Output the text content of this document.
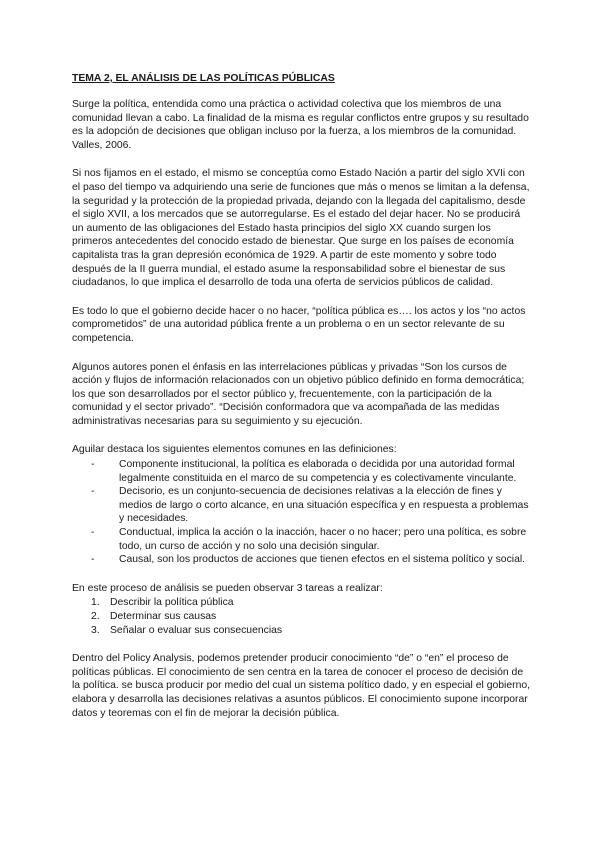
TEMA 2, EL ANÁLISIS DE LAS POLÍTICAS PÚBLICAS

Surge la política, entendida como una práctica o actividad colectiva que los miembros de una comunidad llevan a cabo. La finalidad de la misma es regular conflictos entre grupos y su resultado es la adopción de decisiones que obligan incluso por la fuerza, a los miembros de la comunidad. Valles, 2006.

Si nos fijamos en el estado, el mismo se conceptúa como Estado Nación a partir del siglo XVIi con el paso del tiempo va adquiriendo una serie de funciones que más o menos se limitan a la defensa, la seguridad y la protección de la propiedad privada, dejando con la llegada del capitalismo, desde el siglo XVII, a los mercados que se autorregularse. Es el estado del dejar hacer. No se producirá un aumento de las obligaciones del Estado hasta principios del siglo XX cuando surgen los primeros antecedentes del conocido estado de bienestar. Que surge en los países de economía capitalista tras la gran depresión económica de 1929. A partir de este momento y sobre todo después de la II guerra mundial, el estado asume la responsabilidad sobre el bienestar de sus ciudadanos, lo que implica el desarrollo de toda una oferta de servicios públicos de calidad.

Es todo lo que el gobierno decide hacer o no hacer, “política pública es…. los actos y los “no actos comprometidos” de una autoridad pública frente a un problema o en un sector relevante de su competencia.

Algunos autores ponen el énfasis en las interrelaciones públicas y privadas “Son los cursos de acción y flujos de información relacionados con un objetivo público definido en forma democrática; los que son desarrollados por el sector público y, frecuentemente, con la participación de la comunidad y el sector privado”. “Decisión conformadora que va acompañada de las medidas administrativas necesarias para su seguimiento y su ejecución.

Aguilar destaca los siguientes elementos comunes en las definiciones:

- Componente institucional, la política es elaborada o decidida por una autoridad formal legalmente constituida en el marco de su competencia y es colectivamente vinculante.
- Decisorio, es un conjunto-secuencia de decisiones relativas a la elección de fines y medios de largo o corto alcance, en una situación específica y en respuesta a problemas y necesidades.
- Conductual, implica la acción o la inacción, hacer o no hacer; pero una política, es sobre todo, un curso de acción y no solo una decisión singular.
- Causal, son los productos de acciones que tienen efectos en el sistema político y social.

En este proceso de análisis se pueden observar 3 tareas a realizar:

1. Describir la política pública
2. Determinar sus causas
3. Señalar o evaluar sus consecuencias

Dentro del Policy Analysis, podemos pretender producir conocimiento “de” o “en” el proceso de políticas públicas. El conocimiento de sen centra en la tarea de conocer el proceso de decisión de la política. se busca producir por medio del cual un sistema político dado, y en especial el gobierno, elabora y desarrolla las decisiones relativas a asuntos públicos. El conocimiento supone incorporar datos y teoremas con el fin de mejorar la decisión pública.
